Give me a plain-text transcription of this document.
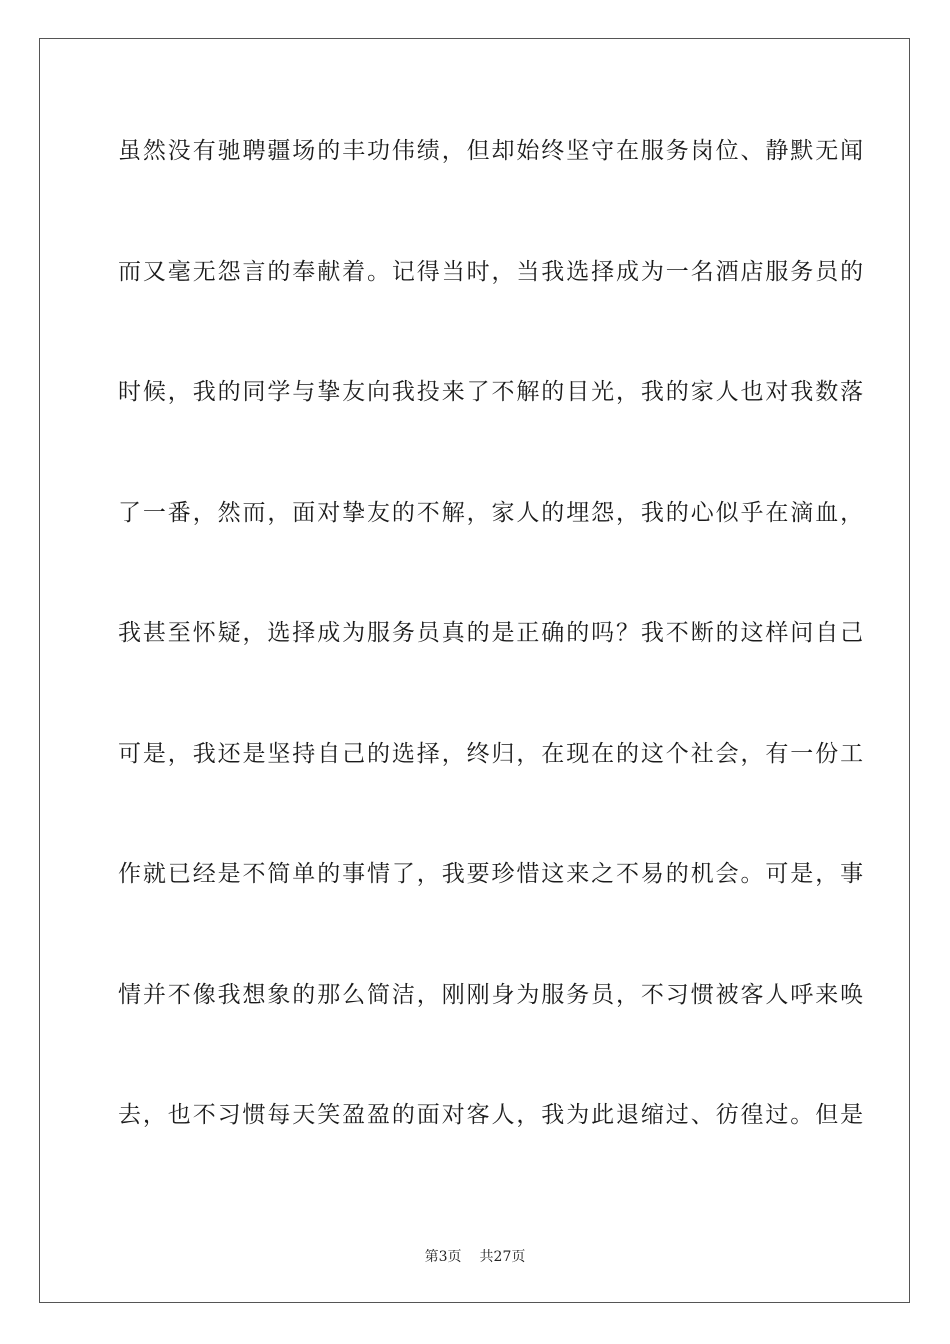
虽然没有驰聘疆场的丰功伟绩，但却始终坚守在服务岗位、静默无闻
而又毫无怨言的奉献着。记得当时，当我选择成为一名酒店服务员的
时候，我的同学与挚友向我投来了不解的目光，我的家人也对我数落
了一番，然而，面对挚友的不解，家人的埋怨，我的心似乎在滴血，
我甚至怀疑，选择成为服务员真的是正确的吗？我不断的这样问自己
可是，我还是坚持自己的选择，终归，在现在的这个社会，有一份工
作就已经是不简单的事情了，我要珍惜这来之不易的机会。可是，事
情并不像我想象的那么简洁，刚刚身为服务员，不习惯被客人呼来唤
去，也不习惯每天笑盈盈的面对客人，我为此退缩过、彷徨过。但是
第3页 共27页
